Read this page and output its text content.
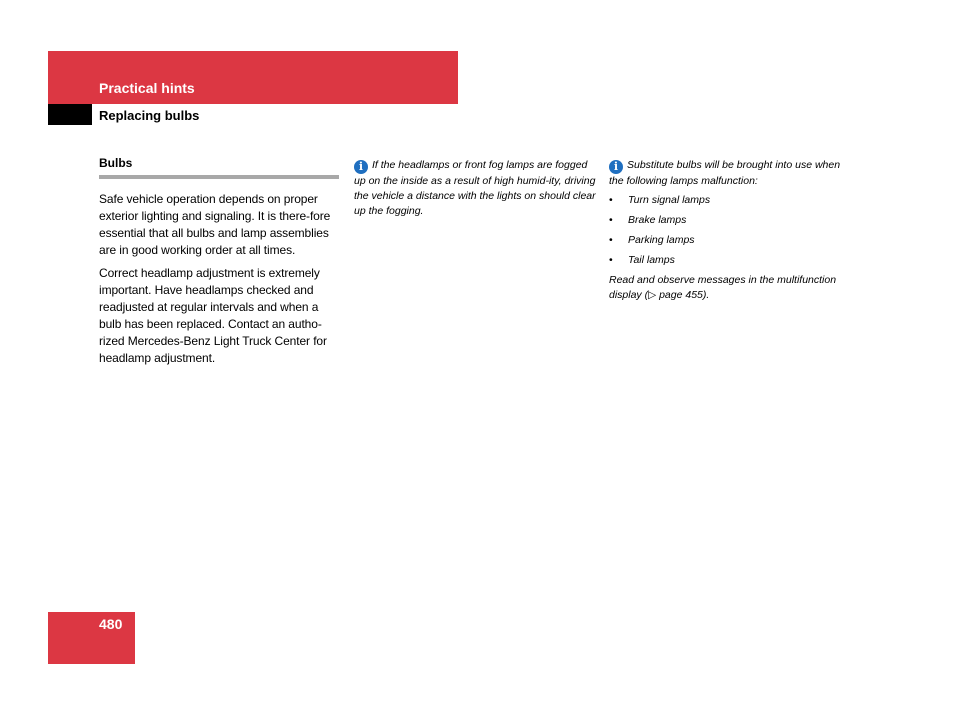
Practical hints
Replacing bulbs
Bulbs

Safe vehicle operation depends on proper exterior lighting and signaling. It is there-fore essential that all bulbs and lamp assemblies are in good working order at all times.

Correct headlamp adjustment is extremely important. Have headlamps checked and readjusted at regular intervals and when a bulb has been replaced. Contact an autho-rized Mercedes-Benz Light Truck Center for headlamp adjustment.

i If the headlamps or front fog lamps are fogged up on the inside as a result of high humid-ity, driving the vehicle a distance with the lights on should clear up the fogging.

i Substitute bulbs will be brought into use when the following lamps malfunction:

• Turn signal lamps
• Brake lamps
• Parking lamps
• Tail lamps

Read and observe messages in the multifunction display (▷ page 455).

480
